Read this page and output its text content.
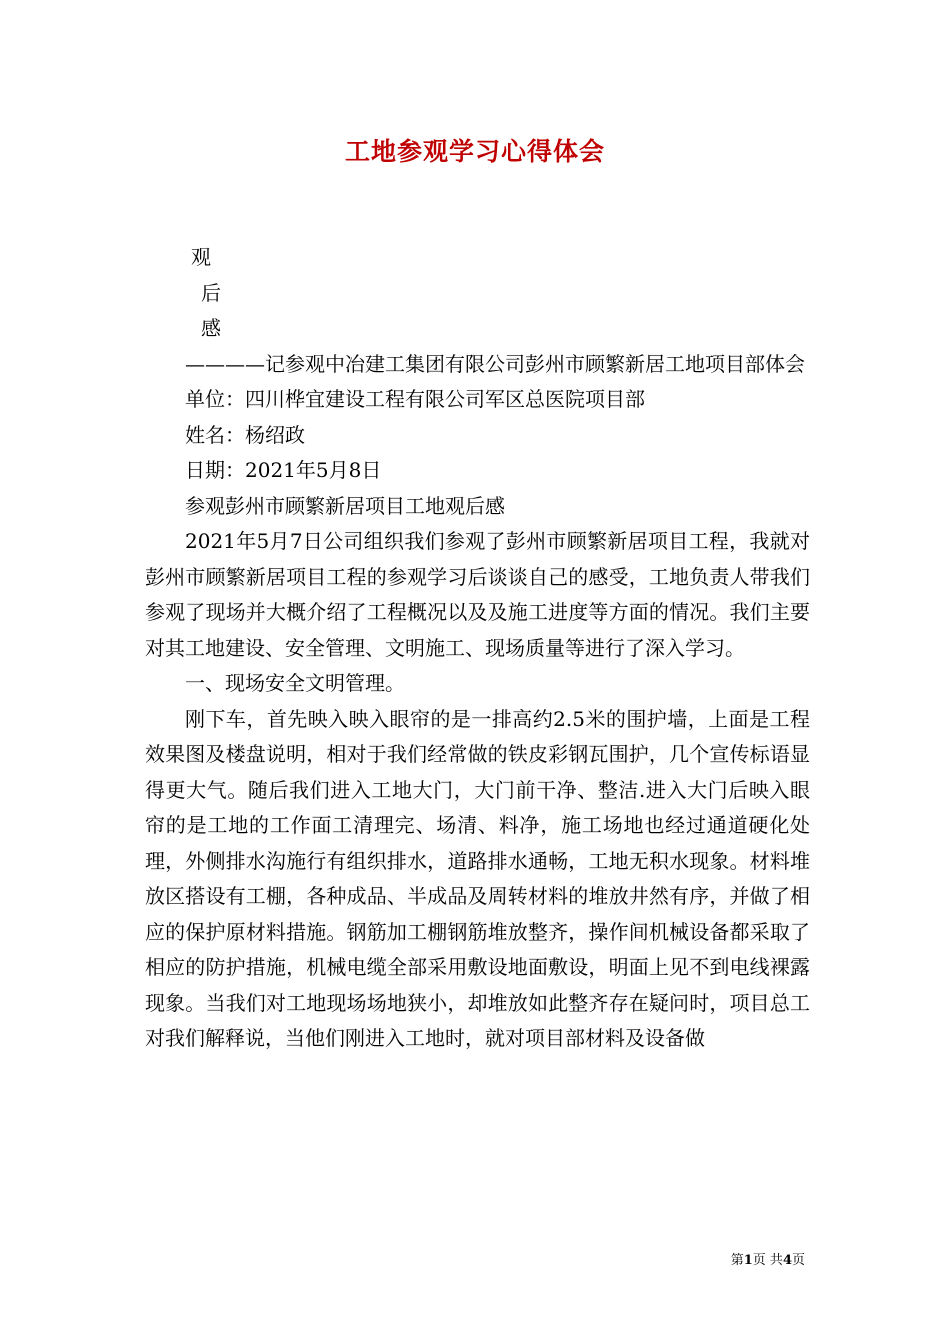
工地参观学习心得体会

观

后

感

————记参观中冶建工集团有限公司彭州市顾繁新居工地项目部体会

单位：四川桦宜建设工程有限公司军区总医院项目部

姓名：杨绍政

日期：2021年5月8日

参观彭州市顾繁新居项目工地观后感

2021年5月7日公司组织我们参观了彭州市顾繁新居项目工程，我就对彭州市顾繁新居项目工程的参观学习后谈谈自己的感受，工地负责人带我们参观了现场并大概介绍了工程概况以及及施工进度等方面的情况。我们主要对其工地建设、安全管理、文明施工、现场质量等进行了深入学习。

一、现场安全文明管理。

刚下车，首先映入映入眼帘的是一排高约2.5米的围护墙，上面是工程效果图及楼盘说明，相对于我们经常做的铁皮彩钢瓦围护，几个宣传标语显得更大气。随后我们进入工地大门，大门前干净、整洁.进入大门后映入眼帘的是工地的工作面工清理完、场清、料净，施工场地也经过通道硬化处理，外侧排水沟施行有组织排水，道路排水通畅，工地无积水现象。材料堆放区搭设有工棚，各种成品、半成品及周转材料的堆放井然有序，并做了相应的保护原材料措施。钢筋加工棚钢筋堆放整齐，操作间机械设备都采取了相应的防护措施，机械电缆全部采用敷设地面敷设，明面上见不到电线裸露现象。当我们对工地现场场地狭小，却堆放如此整齐存在疑问时，项目总工对我们解释说，当他们刚进入工地时，就对项目部材料及设备做

第1页 共4页
